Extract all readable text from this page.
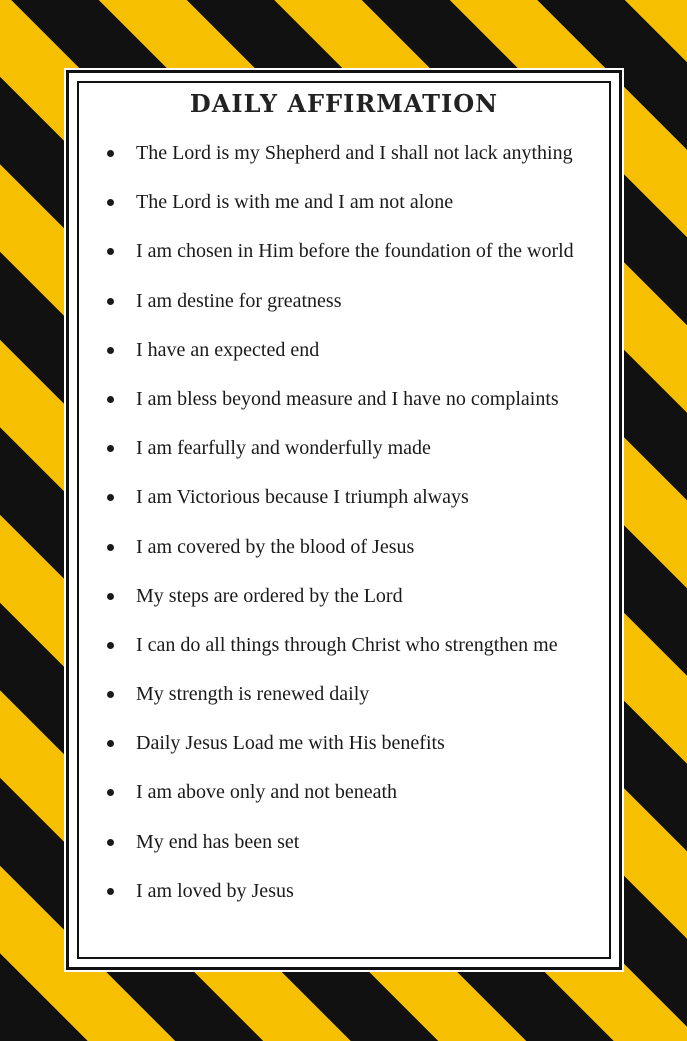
DAILY AFFIRMATION
The Lord is my Shepherd and I shall not lack anything
The Lord is with me and I am not alone
I am chosen in Him before the foundation of the world
I am destine for greatness
I have an expected end
I am bless beyond measure and I have no complaints
I am fearfully and wonderfully made
I am Victorious because I triumph always
I am covered by the blood of Jesus
My steps are ordered by the Lord
I can do all things through Christ who strengthen me
My strength is renewed daily
Daily Jesus Load me with His benefits
I am above only and not beneath
My end has been set
I am loved by Jesus
